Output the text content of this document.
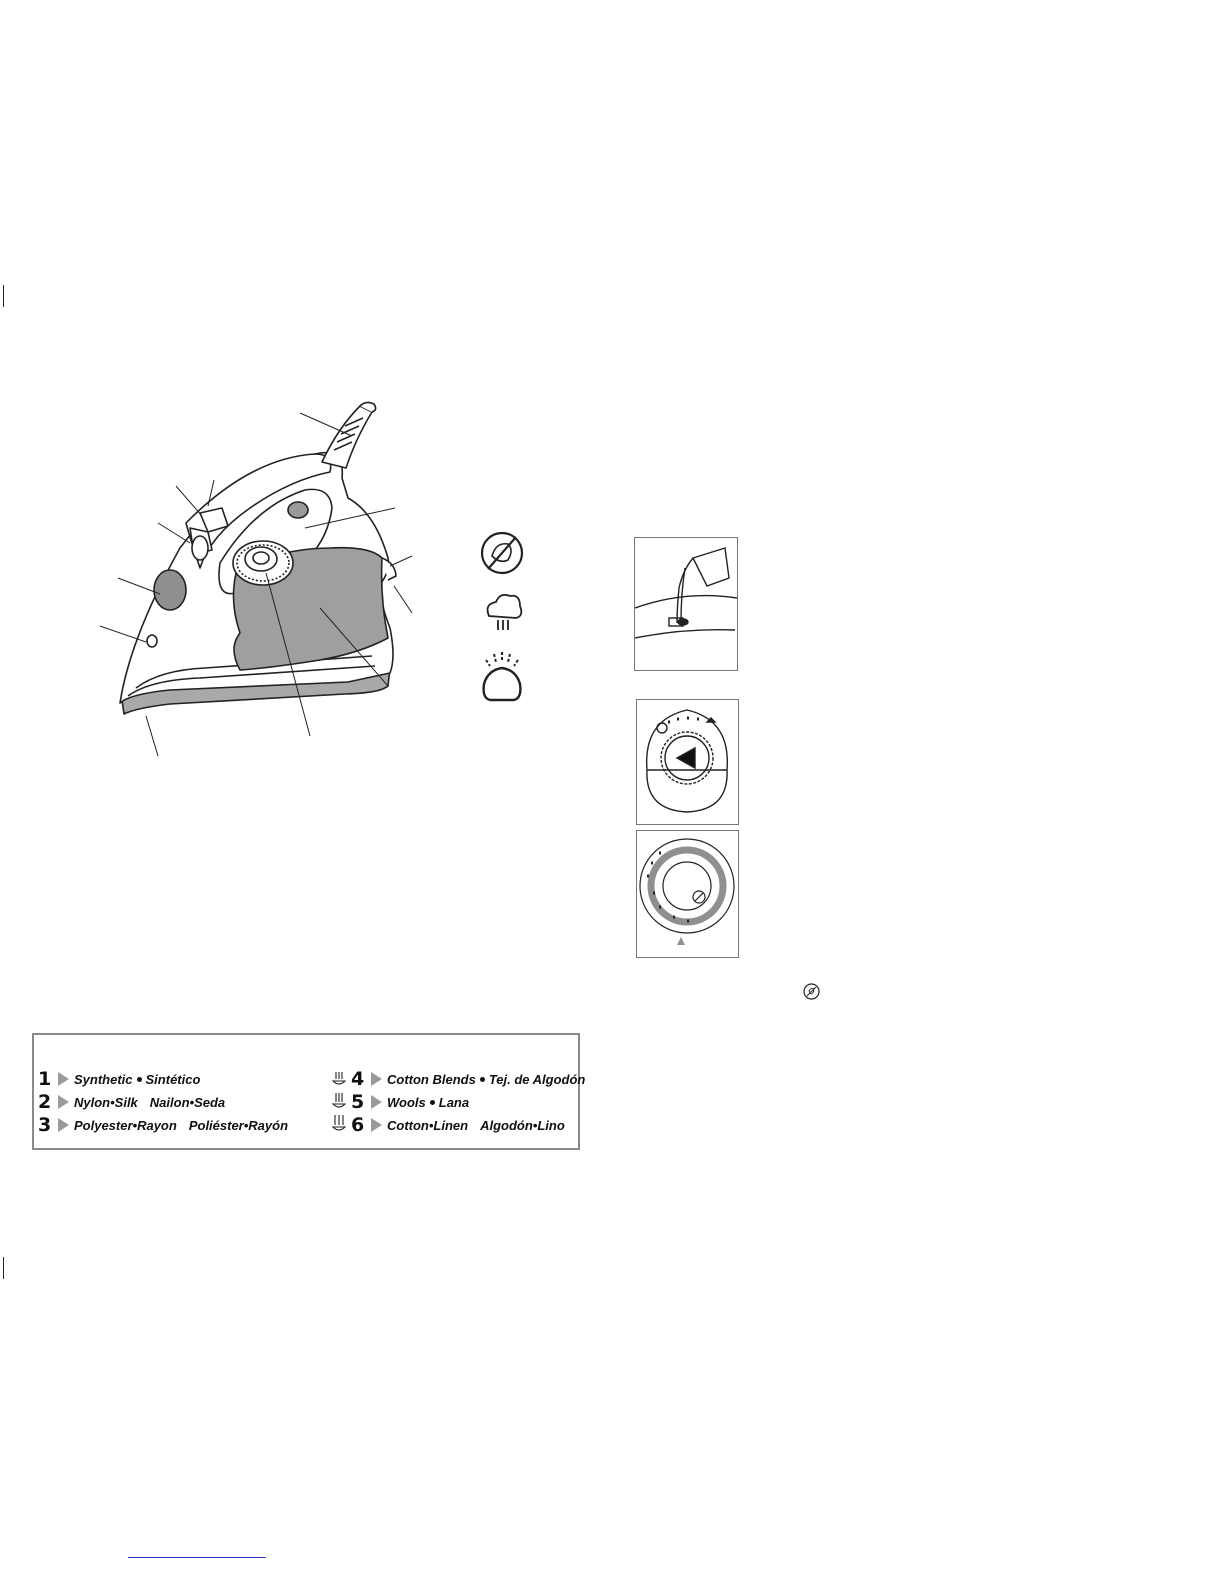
1	Synthetic Sintético
2	Nylon•Silk Nailon•Seda
3	Polyester•Rayon Poliéster•Rayón
4	Cotton Blends Tej. de Algodón
5	Wools Lana
6	Cotton•Linen Algodón•Lino
